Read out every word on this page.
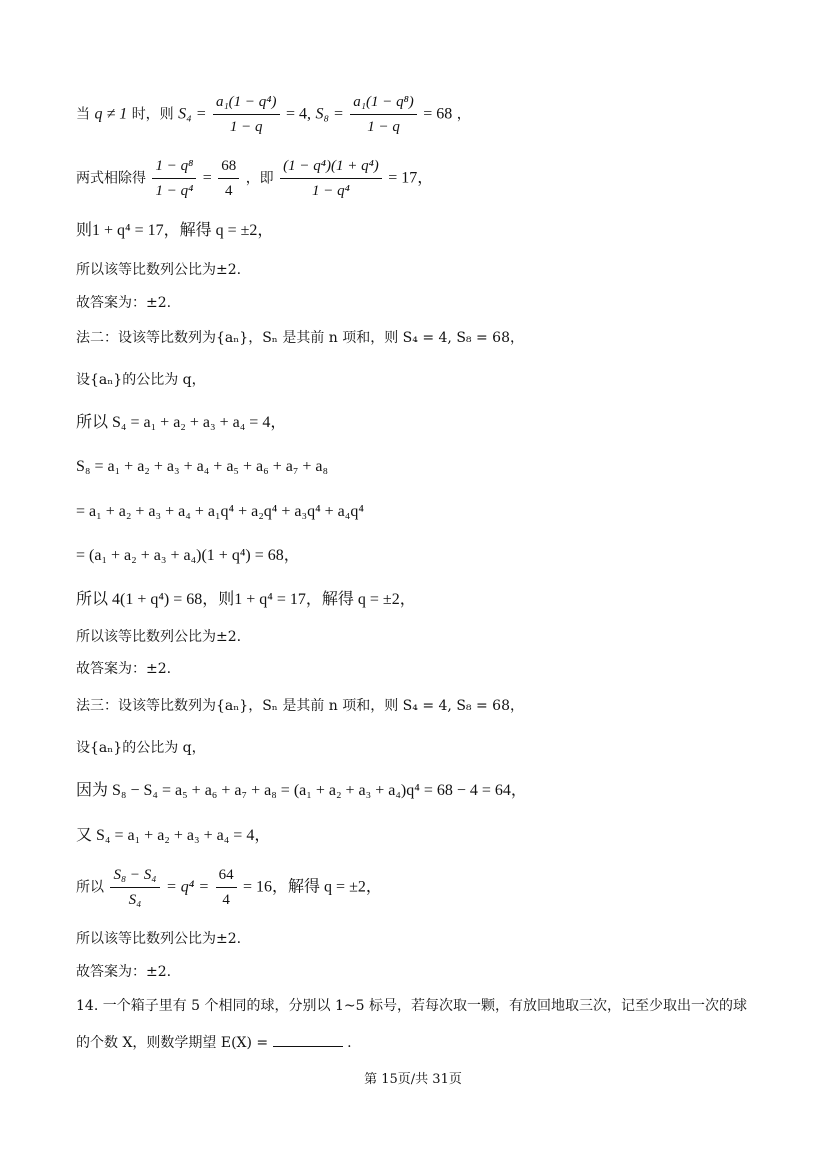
当 q ≠ 1 时，则 $S_4 = \frac{\text{a₁(1 − q⁴)}}{1 - q} = 4$, $S_8 = \frac{\text{a₁(1 − q⁸)}}{1 - q} = 68$ ，
两式相除得 $\frac{\text{1 − q⁸}}{\text{1 − q⁴}} = \frac{68}{4}$ ，即 $\frac{\text{(1 − q⁴)(1 + q⁴)}}{\text{1 − q⁴}} = 17$，
则1 + q⁴ = 17，解得 q = ±2，
所以该等比数列公比为±2.
故答案为：±2.
法二：设该等比数列为{aₙ}，Sₙ 是其前 n 项和，则 S₄ = 4, S₈ = 68，
设{aₙ}的公比为 q，
所以 S₄ = a₁ + a₂ + a₃ + a₄ = 4，
S₈ = a₁ + a₂ + a₃ + a₄ + a₅ + a₆ + a₇ + a₈
= a₁ + a₂ + a₃ + a₄ + a₁q⁴ + a₂q⁴ + a₃q⁴ + a₄q⁴
= (a₁ + a₂ + a₃ + a₄)(1 + q⁴) = 68，
所以 4(1 + q⁴) = 68，则1 + q⁴ = 17，解得 q = ±2，
所以该等比数列公比为±2.
故答案为：±2.
法三：设该等比数列为{aₙ}，Sₙ 是其前 n 项和，则 S₄ = 4, S₈ = 68，
设{aₙ}的公比为 q，
因为 S₈ − S₄ = a₅ + a₆ + a₇ + a₈ = (a₁ + a₂ + a₃ + a₄)q⁴ = 68 − 4 = 64，
又 S₄ = a₁ + a₂ + a₃ + a₄ = 4，
所以 $\frac{\text{S₈ − S₄}}{\text{S₄}} = q^4 = \frac{64}{4} = 16$，解得 q = ±2，
所以该等比数列公比为±2.
故答案为：±2.
14. 一个箱子里有 5 个相同的球，分别以 1~5 标号，若每次取一颗，有放回地取三次，记至少取出一次的球
的个数 X，则数学期望 E(X) =	.
第 15页/共 31页
